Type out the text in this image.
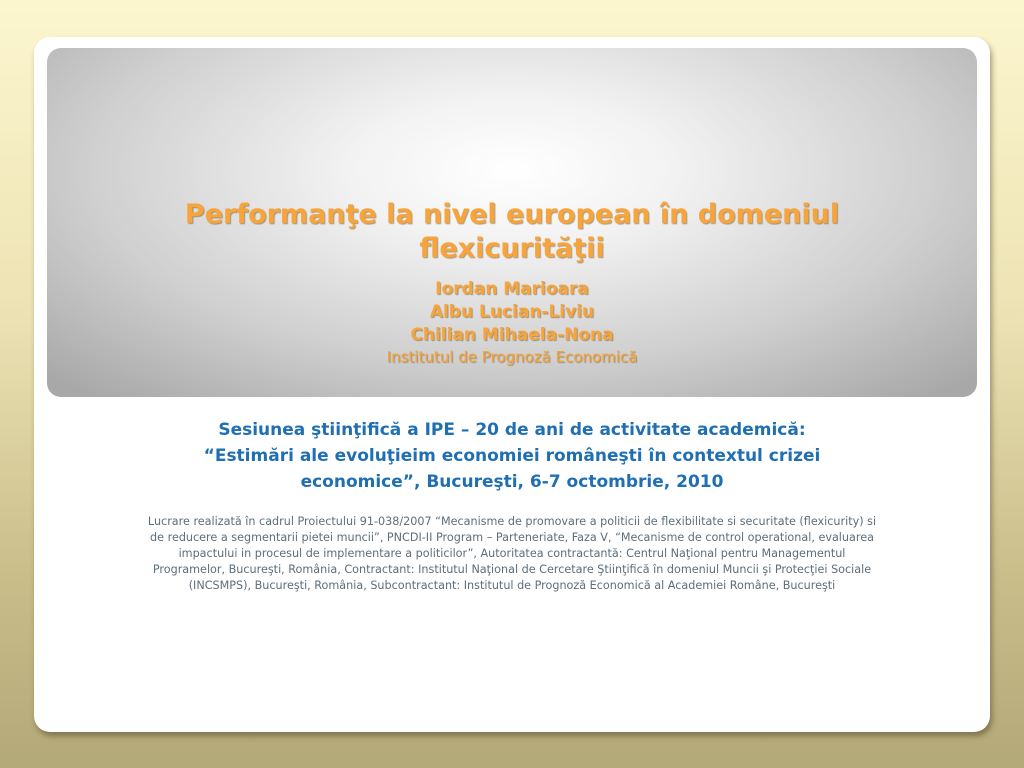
Performanţe la nivel european în domeniul flexicurităţii
Iordan Marioara
Albu Lucian-Liviu
Chilian Mihaela-Nona
Institutul de Prognoză Economică
Sesiunea ştiinţifică a IPE – 20 de ani de activitate academică:
“Estimări ale evoluţieim economiei româneşti în contextul crizei
economice”, Bucureşti, 6-7 octombrie, 2010
Lucrare realizată în cadrul Proiectului 91-038/2007 “Mecanisme de promovare a politicii de flexibilitate si securitate (flexicurity) si de reducere a segmentarii pietei muncii”, PNCDI-II Program – Parteneriate, Faza V, “Mecanisme de control operational, evaluarea impactului in procesul de implementare a politicilor”, Autoritatea contractantă: Centrul Naţional pentru Managementul Programelor, Bucureşti, România, Contractant: Institutul Naţional de Cercetare Ştiinţifică în domeniul Muncii şi Protecţiei Sociale (INCSMPS), Bucureşti, România, Subcontractant: Institutul de Prognoză Economică al Academiei Române, Bucureşti
